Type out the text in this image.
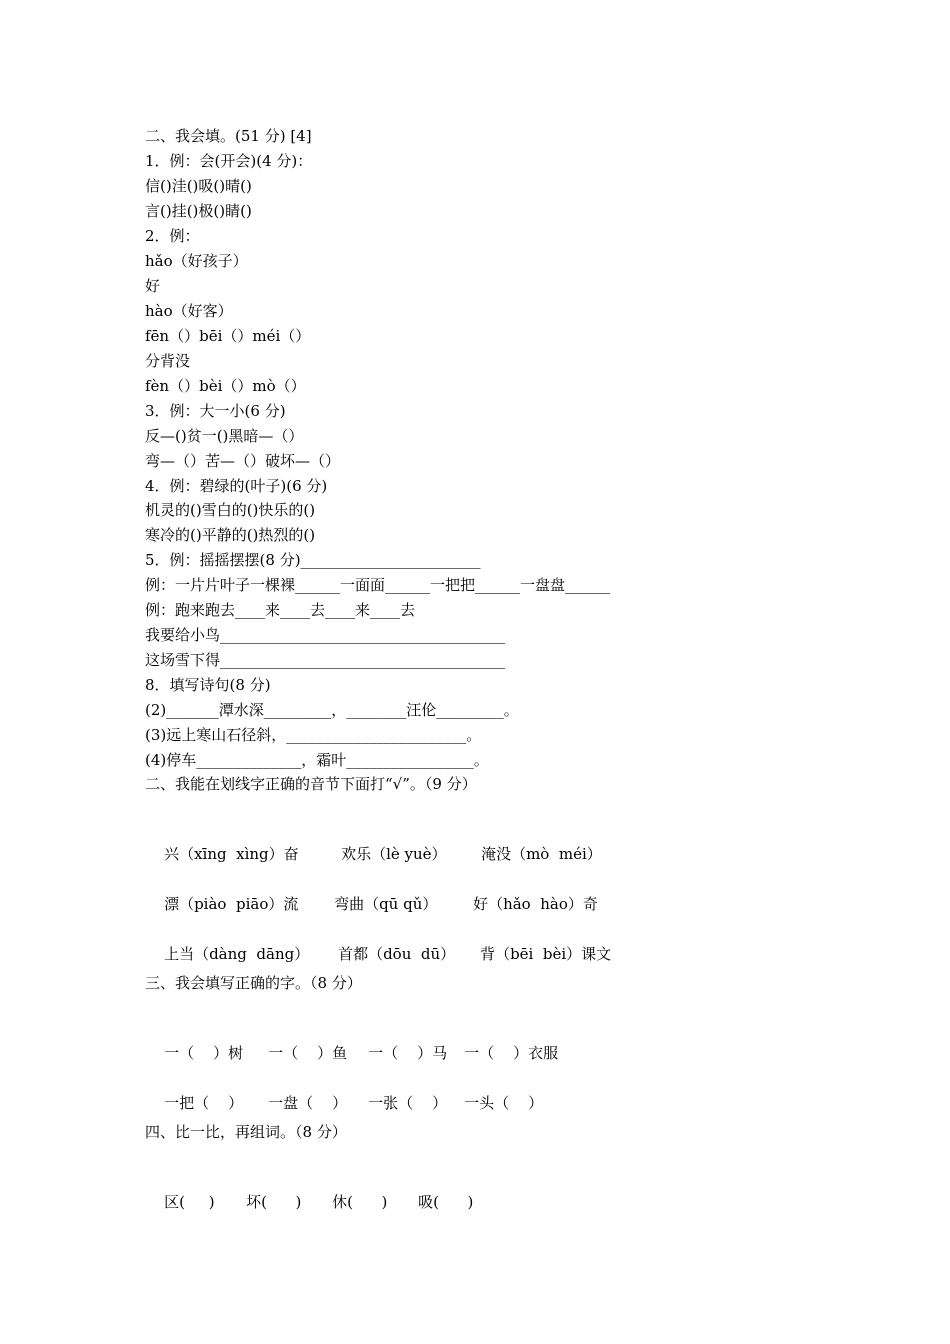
二、我会填。(51 分) [4]
1．例：会(开会)(4 分)：
信()洼()吸()晴()
言()挂()极()睛()
2．例：
hǎo（好孩子）
好
hào（好客）
fēn（）bēi（）méi（）
分背没
fèn（）bèi（）mò（）
3．例：大一小(6 分)
反—()贫一()黑暗—（）
弯—（）苦—（）破坏—（）
4．例：碧绿的(叶子)(6 分)
机灵的()雪白的()快乐的()
寒冷的()平静的()热烈的()
5．例：摇摇摆摆(8 分)________________________
例：一片片叶子一棵裸______一面面______一把把______一盘盘______
例：跑来跑去____来____去____来____去
我要给小鸟______________________________________
这场雪下得______________________________________
8．填写诗句(8 分)
(2)_______潭水深_________，________汪伦_________。
(3)远上寒山石径斜，________________________。
(4)停车______________，霜叶_________________。
二、我能在划线字正确的音节下面打“√”。（9 分）

兴（xīng  xìng）奋	欢乐（lè yuè） 淹没（mò  méi）

漂（piào  piāo）流 弯曲（qū qǔ） 好（hǎo  hào）奇

上当（dàng  dāng） 首都（dōu  dū） 背（bēi  bèi）课文

三、我会填写正确的字。（8 分）

一（    ）树 一（    ）鱼 一（    ）马 一（    ）衣服

一把（    ） 一盘（    ） 一张（    ） 一头（    ）

四、比一比，再组词。（8 分）

区(     ) 坏(      ) 休(      ) 吸(      )
